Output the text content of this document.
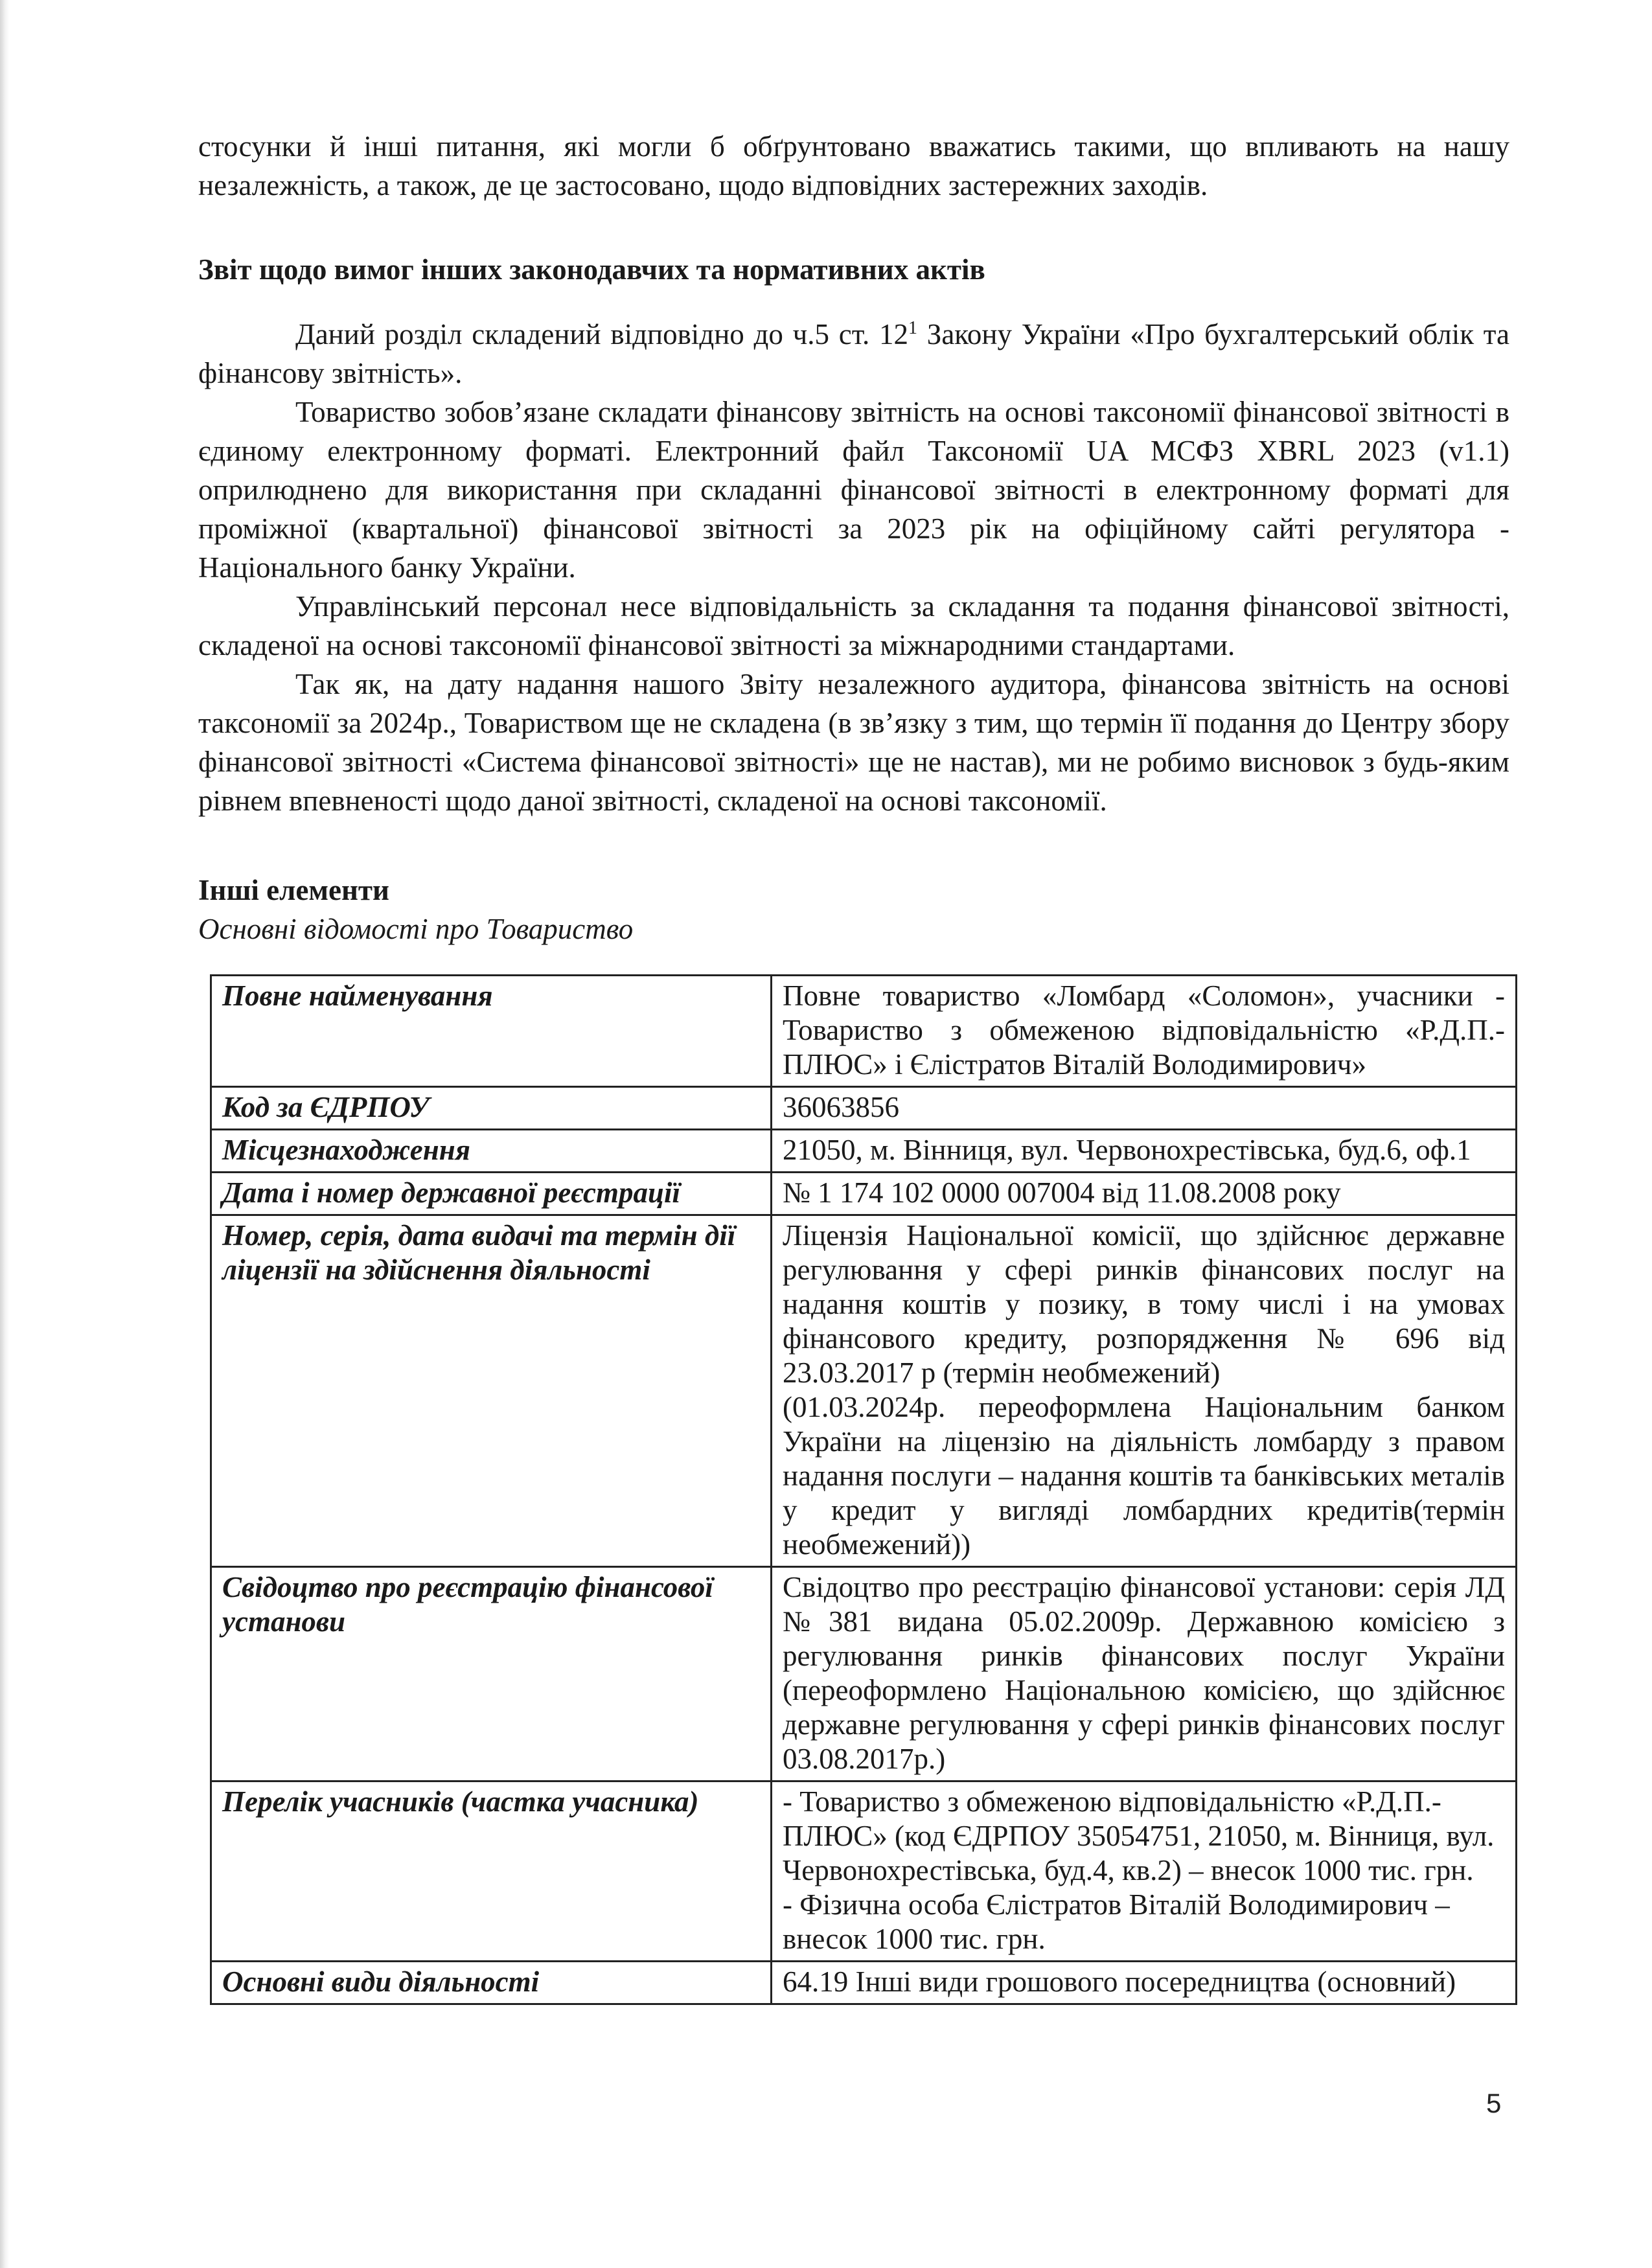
стосунки й інші питання, які могли б обґрунтовано вважатись такими, що впливають на нашу незалежність, а також, де це застосовано, щодо відповідних застережних заходів.

Звіт щодо вимог інших законодавчих та нормативних актів

Даний розділ складений відповідно до ч.5 ст. $12^1$ Закону України «Про бухгалтерський облік та фінансову звітність».

Товариство зобов’язане складати фінансову звітність на основі таксономії фінансової звітності в єдиному електронному форматі. Електронний файл Таксономії UA МСФЗ XBRL 2023 (v1.1) оприлюднено для використання при складанні фінансової звітності в електронному форматі для проміжної (квартальної) фінансової звітності за 2023 рік на офіційному сайті регулятора - Національного банку України.

Управлінський персонал несе відповідальність за складання та подання фінансової звітності, складеної на основі таксономії фінансової звітності за міжнародними стандартами.

Так як, на дату надання нашого Звіту незалежного аудитора, фінансова звітність на основі таксономії за 2024р., Товариством ще не складена (в зв’язку з тим, що термін її подання до Центру збору фінансової звітності «Система фінансової звітності» ще не настав), ми не робимо висновок з будь-яким рівнем впевненості щодо даної звітності, складеної на основі таксономії.

Інші елементи

Основні відомості про Товариство

Повне найменування	Повне товариство «Ломбард «Соломон», учасники - Товариство з обмеженою відповідальністю «Р.Д.П.-ПЛЮС» і Єлістратов Віталій Володимирович»

Код за ЄДРПОУ	36063856

Місцезнаходження	21050, м. Вінниця, вул. Червонохрестівська, буд.6, оф.1

Дата і номер державної реєстрації	№ 1 174 102 0000 007004 від 11.08.2008 року

Номер, серія, дата видачі та термін дії ліцензії на здійснення діяльності	Ліцензія Національної комісії, що здійснює державне регулювання у сфері ринків фінансових послуг на надання коштів у позику, в тому числі і на умовах фінансового кредиту, розпорядження № 696 від 23.03.2017 р (термін необмежений)
(01.03.2024р. переоформлена Національним банком України на ліцензію на діяльність ломбарду з правом надання послуги – надання коштів та банківських металів у кредит у вигляді ломбардних кредитів(термін необмежений))

Свідоцтво про реєстрацію фінансової установи	Свідоцтво про реєстрацію фінансової установи: серія ЛД №381 видана 05.02.2009р. Державною комісією з регулювання ринків фінансових послуг України (переоформлено Національною комісією, що здійснює державне регулювання у сфері ринків фінансових послуг 03.08.2017р.)

Перелік учасників (частка учасника)	- Товариство з обмеженою відповідальністю «Р.Д.П.-ПЛЮС» (код ЄДРПОУ 35054751, 21050, м. Вінниця, вул. Червонохрестівська, буд.4, кв.2) – внесок 1000 тис. грн.
- Фізична особа Єлістратов Віталій Володимирович – внесок 1000 тис. грн.

Основні види діяльності	64.19 Інші види грошового посередництва (основний)
5
